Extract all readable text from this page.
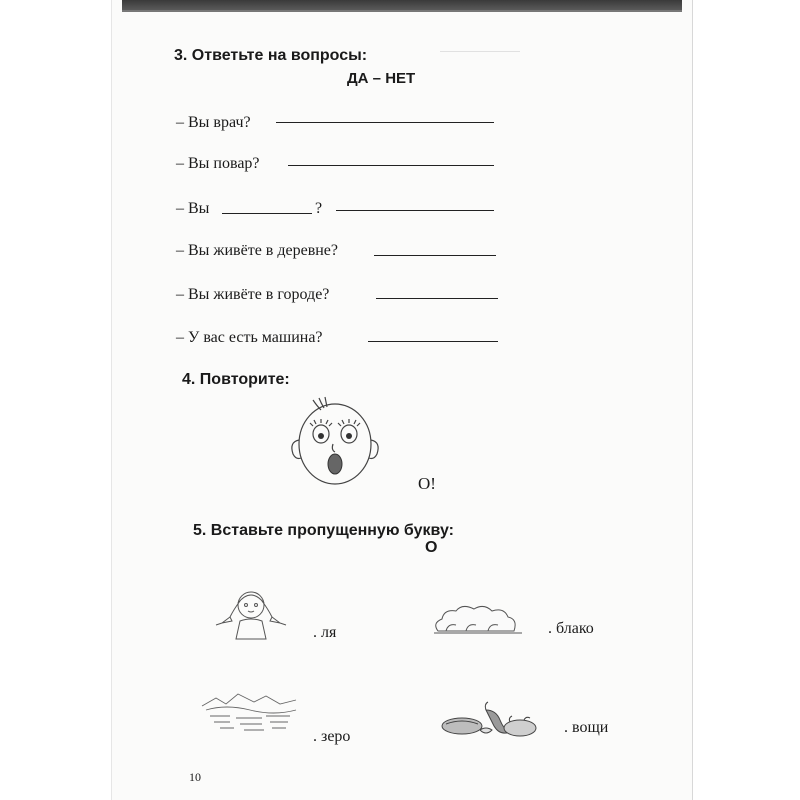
3. Ответьте на вопросы:
ДА – НЕТ
– Вы врач?
– Вы повар?
– Вы	?
– Вы живёте в деревне?
– Вы живёте в городе?
– У вас есть машина?
4. Повторите:
О!
5. Вставьте пропущенную букву:
О
. ля	. блако
. зеро
. вощи
10
